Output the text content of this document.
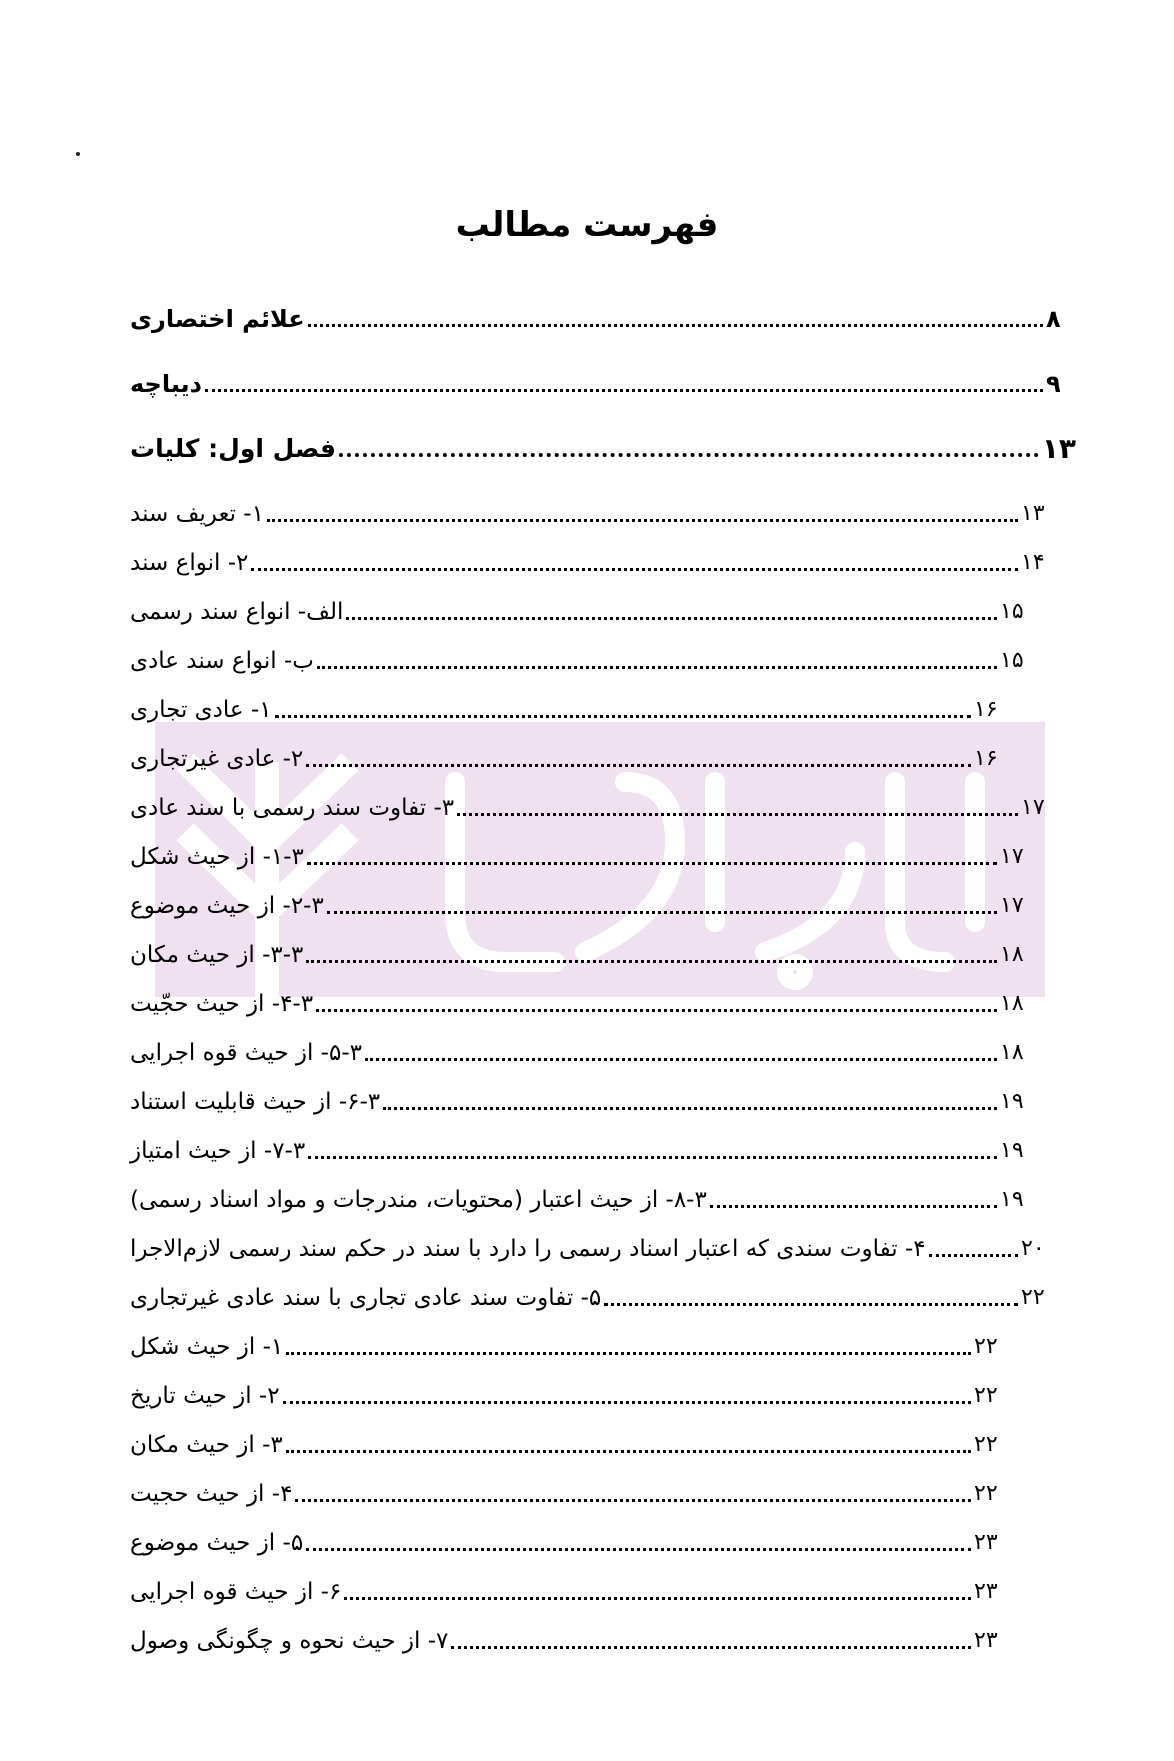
فهرست مطالب
علائم اختصاری	۸
دیباچه	۹
فصل اول: کلیات	۱۳
۱- تعریف سند	۱۳
۲- انواع سند	۱۴
الف- انواع سند رسمی	۱۵
ب- انواع سند عادی	۱۵
۱- عادی تجاری	۱۶
۲- عادی غیرتجاری	۱۶
۳- تفاوت سند رسمی با سند عادی	۱۷
۱-۳- از حیث شکل	۱۷
۲-۳- از حیث موضوع	۱۷
۳-۳- از حیث مکان	۱۸
۴-۳- از حیث حجّیت	۱۸
۵-۳- از حیث قوه اجرایی	۱۸
۶-۳- از حیث قابلیت استناد	۱۹
۷-۳- از حیث امتیاز	۱۹
۸-۳- از حیث اعتبار (محتویات، مندرجات و مواد اسناد رسمی)	۱۹
۴- تفاوت سندی که اعتبار اسناد رسمی را دارد با سند در حکم سند رسمی لازم‌الاجرا	۲۰
۵- تفاوت سند عادی تجاری با سند عادی غیرتجاری	۲۲
۱- از حیث شکل	۲۲
۲- از حیث تاریخ	۲۲
۳- از حیث مکان	۲۲
۴- از حیث حجیت	۲۲
۵- از حیث موضوع	۲۳
۶- از حیث قوه اجرایی	۲۳
۷- از حیث نحوه و چگونگی وصول	۲۳
